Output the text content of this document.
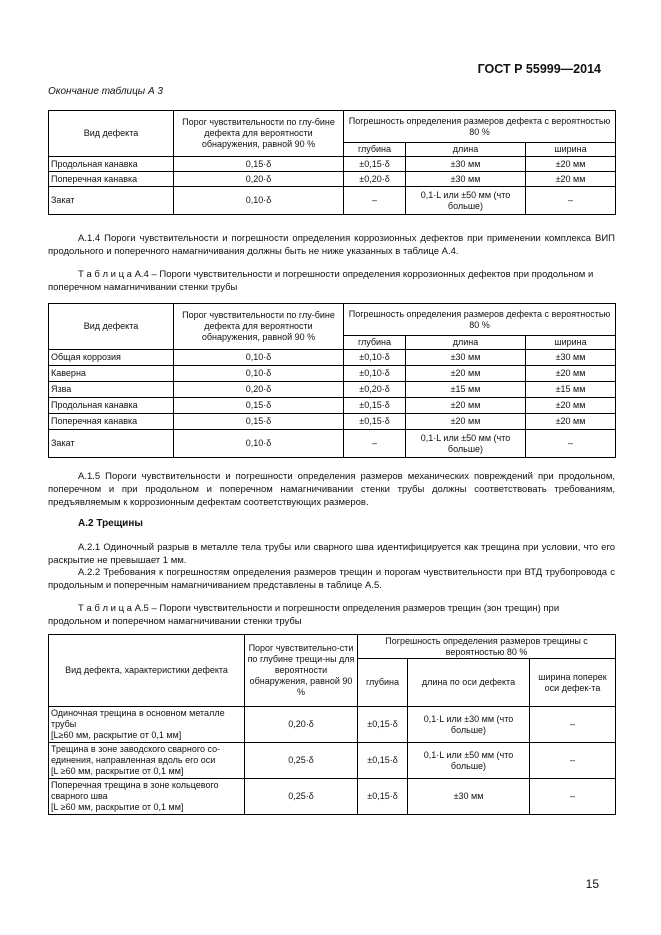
ГОСТ Р 55999—2014
Окончание таблицы А 3
Вид дефекта	Порог чувствительности по глу-бине дефекта для вероятности обнаружения, равной 90 %	Погрешность определения размеров дефекта с вероятностью 80 %		
		глубина	длина	ширина
Продольная канавка	0,15·δ	±0,15·δ	±30 мм	±20 мм
Поперечная канавка	0,20·δ	±0,20·δ	±30 мм	±20 мм
Закат	0,10·δ	–	0,1·L или ±50 мм (что больше)	–
А.1.4 Пороги чувствительности и погрешности определения коррозионных дефектов при применении комплекса ВИП продольного и поперечного намагничивания должны быть не ниже указанных в таблице А.4.
Т а б л и ц а А.4 – Пороги чувствительности и погрешности определения коррозионных дефектов при продольном и поперечном намагничивании стенки трубы
Вид дефекта	Порог чувствительности по глу-бине дефекта для вероятности обнаружения, равной 90 %	Погрешность определения размеров дефекта с вероятностью 80 %		
		глубина	длина	ширина
Общая коррозия	0,10·δ	±0,10·δ	±30 мм	±30 мм
Каверна	0,10·δ	±0,10·δ	±20 мм	±20 мм
Язва	0,20·δ	±0,20·δ	±15 мм	±15 мм
Продольная канавка	0,15·δ	±0,15·δ	±20 мм	±20 мм
Поперечная канавка	0,15·δ	±0,15·δ	±20 мм	±20 мм
Закат	0,10·δ	–	0,1·L или ±50 мм (что больше)	–
А.1.5 Пороги чувствительности и погрешности определения размеров механических повреждений при продольном, поперечном и при продольном и поперечном намагничивании стенки трубы должны соответствовать требованиям, предъявляемым к коррозионным дефектам соответствующих размеров.
А.2 Трещины
А.2.1 Одиночный разрыв в металле тела трубы или сварного шва идентифицируется как трещина при условии, что его раскрытие не превышает 1 мм.
А.2.2 Требования к погрешностям определения размеров трещин и порогам чувствительности при ВТД трубопровода с продольным и поперечным намагничиванием представлены в таблице А.5.
Т а б л и ц а А.5 – Пороги чувствительности и погрешности определения размеров трещин (зон трещин) при продольном и поперечном намагничивании стенки трубы
Вид дефекта, характеристики дефекта	Порог чувствительно-сти по глубине трещи-ны для вероятности обнаружения, равной 90 %	Погрешность определения размеров трещины с вероятностью 80 %		
		глубина	длина по оси дефекта	ширина поперек оси дефек-та

Одиночная трещина в основном металле трубы
[L≥60 мм, раскрытие от 0,1 мм]	0,20·δ	±0,15·δ	0,1·L или ±30 мм (что больше)	–

Трещина в зоне заводского сварного со-единения, направленная вдоль его оси
[L ≥60 мм, раскрытие от 0,1 мм]	0,25·δ	±0,15·δ	0,1·L или ±50 мм (что больше)	–

Поперечная трещина в зоне кольцевого сварного шва
[L ≥60 мм, раскрытие от 0,1 мм]	0,25·δ	±0,15·δ	±30 мм	–
15
